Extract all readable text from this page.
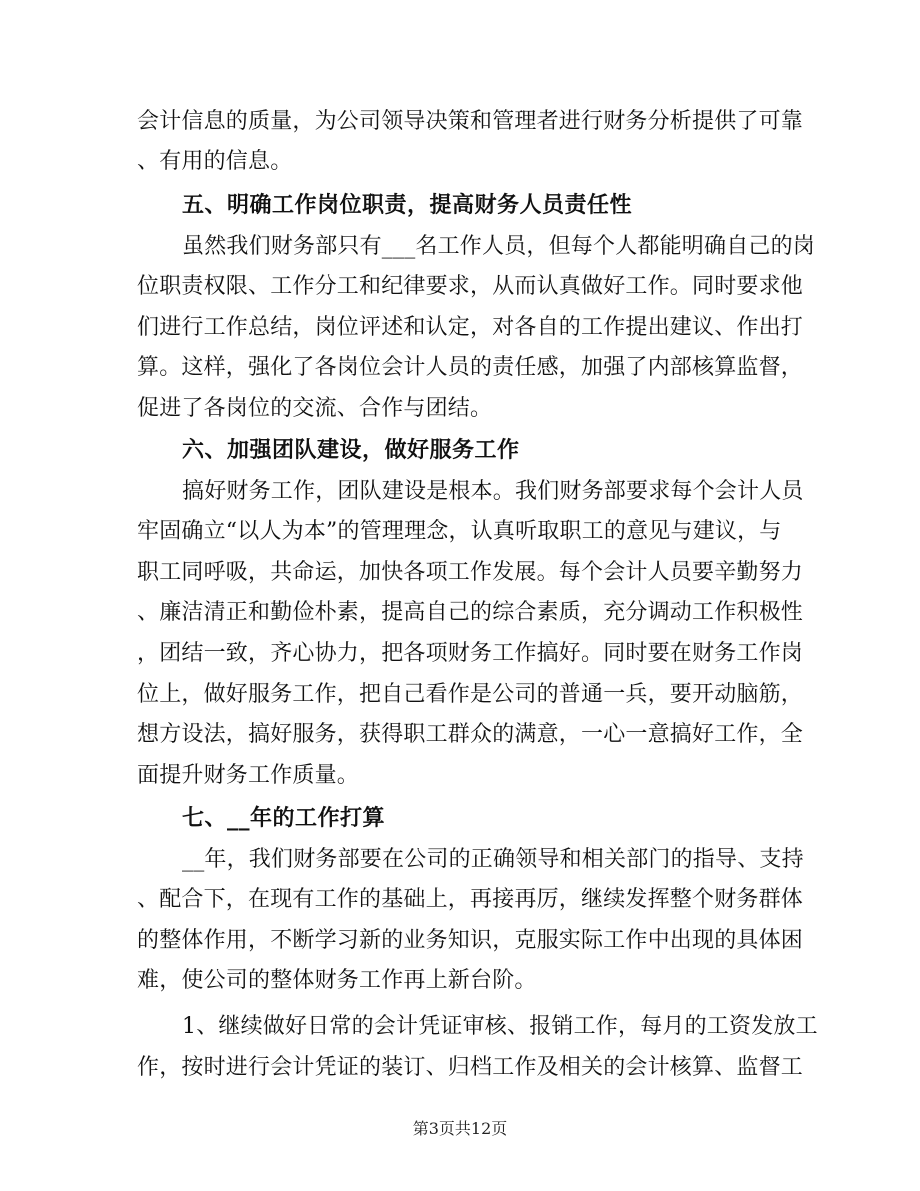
会计信息的质量，为公司领导决策和管理者进行财务分析提供了可靠
、有用的信息。
五、明确工作岗位职责，提高财务人员责任性
虽然我们财务部只有___名工作人员，但每个人都能明确自己的岗
位职责权限、工作分工和纪律要求，从而认真做好工作。同时要求他
们进行工作总结，岗位评述和认定，对各自的工作提出建议、作出打
算。这样，强化了各岗位会计人员的责任感，加强了内部核算监督，
促进了各岗位的交流、合作与团结。
六、加强团队建设，做好服务工作
搞好财务工作，团队建设是根本。我们财务部要求每个会计人员
牢固确立“以人为本”的管理理念，认真听取职工的意见与建议，与
职工同呼吸，共命运，加快各项工作发展。每个会计人员要辛勤努力
、廉洁清正和勤俭朴素，提高自己的综合素质，充分调动工作积极性
，团结一致，齐心协力，把各项财务工作搞好。同时要在财务工作岗
位上，做好服务工作，把自己看作是公司的普通一兵，要开动脑筋，
想方设法，搞好服务，获得职工群众的满意，一心一意搞好工作，全
面提升财务工作质量。
七、__年的工作打算
__年，我们财务部要在公司的正确领导和相关部门的指导、支持
、配合下，在现有工作的基础上，再接再厉，继续发挥整个财务群体
的整体作用，不断学习新的业务知识，克服实际工作中出现的具体困
难，使公司的整体财务工作再上新台阶。
1、继续做好日常的会计凭证审核、报销工作，每月的工资发放工
作，按时进行会计凭证的装订、归档工作及相关的会计核算、监督工
第3页共12页
